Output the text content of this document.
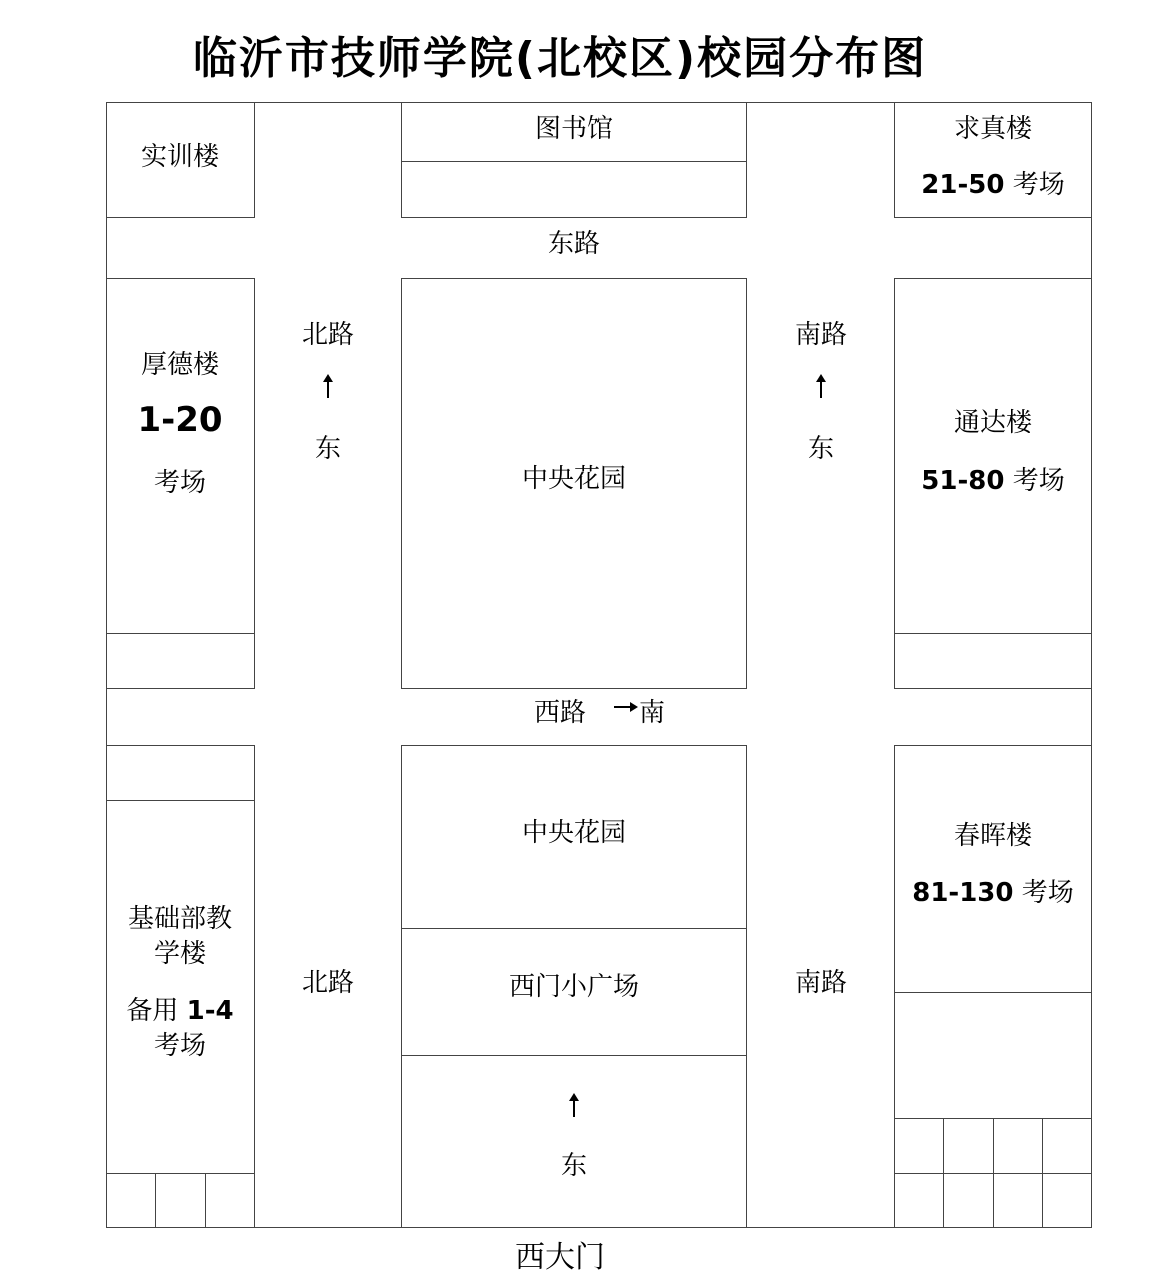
临沂市技师学院(北校区)校园分布图
实训楼
图书馆	求真楼
21-50 考场
东路
厚德楼
1-20
考场
北路
东
中央花园
南路
东
通达楼
51-80 考场
西路 南
基础部教
学楼
备用 1-4
考场
北路
中央花园
西门小广场
东
南路
春晖楼
81-130 考场
西大门
